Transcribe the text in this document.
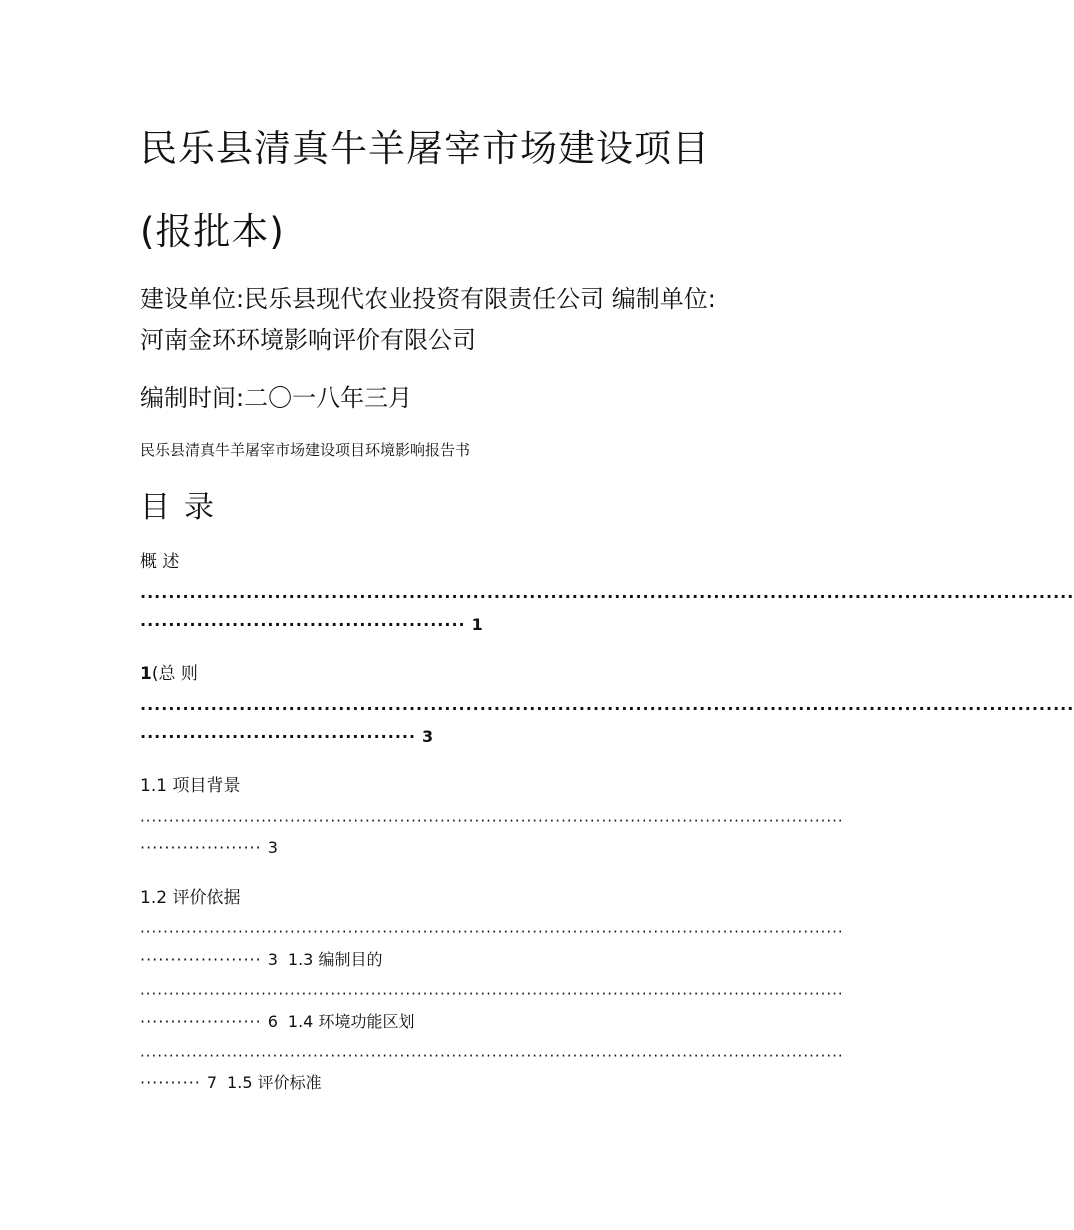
民乐县清真牛羊屠宰市场建设项目
(报批本)
建设单位:民乐县现代农业投资有限责任公司 编制单位:
河南金环环境影响评价有限公司
编制时间:二〇一八年三月
民乐县清真牛羊屠宰市场建设项目环境影响报告书
目录
概 述
····································································································································
·············································· 1
1(总 则
····································································································································
······································· 3
1.1 项目背景
··························································································································
···················· 3
1.2 评价依据
··························································································································
···················· 3 1.3 编制目的
··························································································································
···················· 6 1.4 环境功能区划
··························································································································
·········· 7 1.5 评价标准
